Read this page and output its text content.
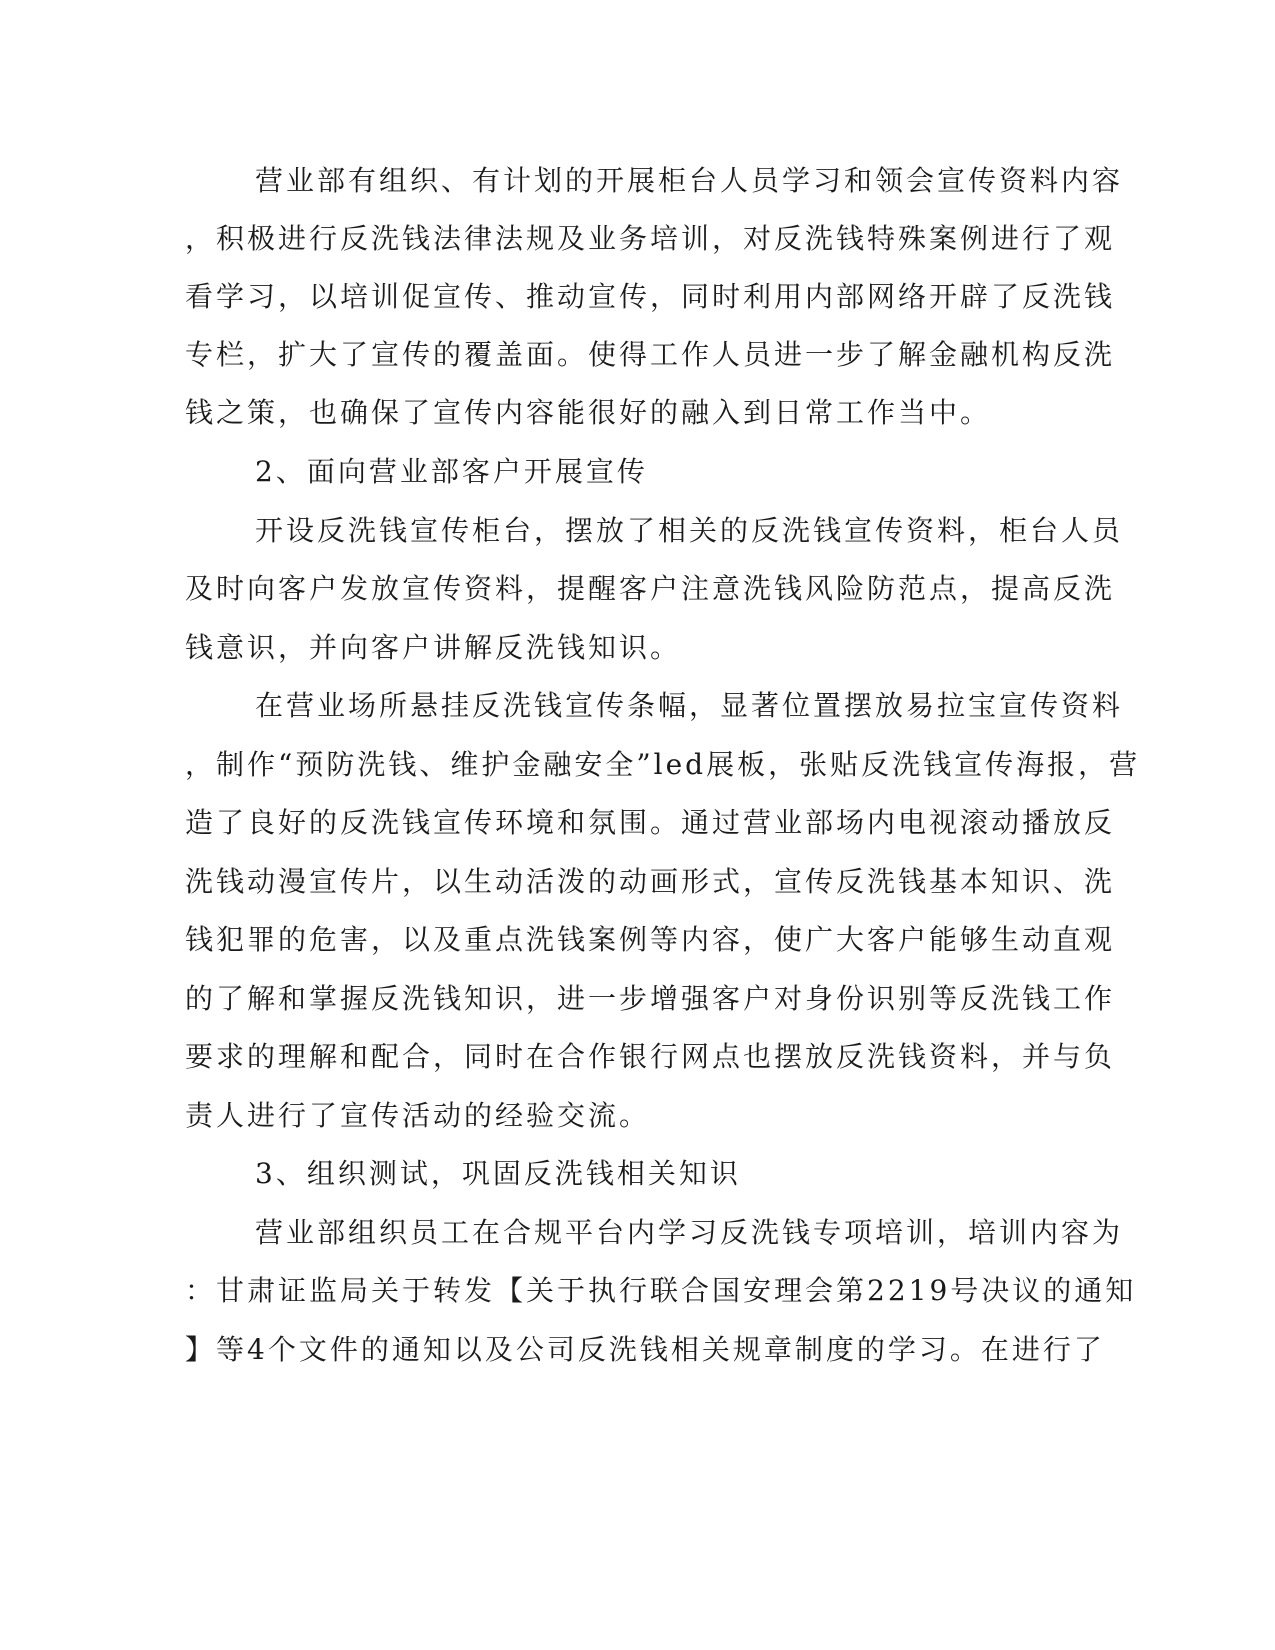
营业部有组织、有计划的开展柜台人员学习和领会宣传资料内容
，积极进行反洗钱法律法规及业务培训，对反洗钱特殊案例进行了观
看学习，以培训促宣传、推动宣传，同时利用内部网络开辟了反洗钱
专栏，扩大了宣传的覆盖面。使得工作人员进一步了解金融机构反洗
钱之策，也确保了宣传内容能很好的融入到日常工作当中。
2、面向营业部客户开展宣传
开设反洗钱宣传柜台，摆放了相关的反洗钱宣传资料，柜台人员
及时向客户发放宣传资料，提醒客户注意洗钱风险防范点，提高反洗
钱意识，并向客户讲解反洗钱知识。
在营业场所悬挂反洗钱宣传条幅，显著位置摆放易拉宝宣传资料
，制作“预防洗钱、维护金融安全”led展板，张贴反洗钱宣传海报，营
造了良好的反洗钱宣传环境和氛围。通过营业部场内电视滚动播放反
洗钱动漫宣传片，以生动活泼的动画形式，宣传反洗钱基本知识、洗
钱犯罪的危害，以及重点洗钱案例等内容，使广大客户能够生动直观
的了解和掌握反洗钱知识，进一步增强客户对身份识别等反洗钱工作
要求的理解和配合，同时在合作银行网点也摆放反洗钱资料，并与负
责人进行了宣传活动的经验交流。
3、组织测试，巩固反洗钱相关知识
营业部组织员工在合规平台内学习反洗钱专项培训，培训内容为
：甘肃证监局关于转发【关于执行联合国安理会第2219号决议的通知
】等4个文件的通知以及公司反洗钱相关规章制度的学习。在进行了
